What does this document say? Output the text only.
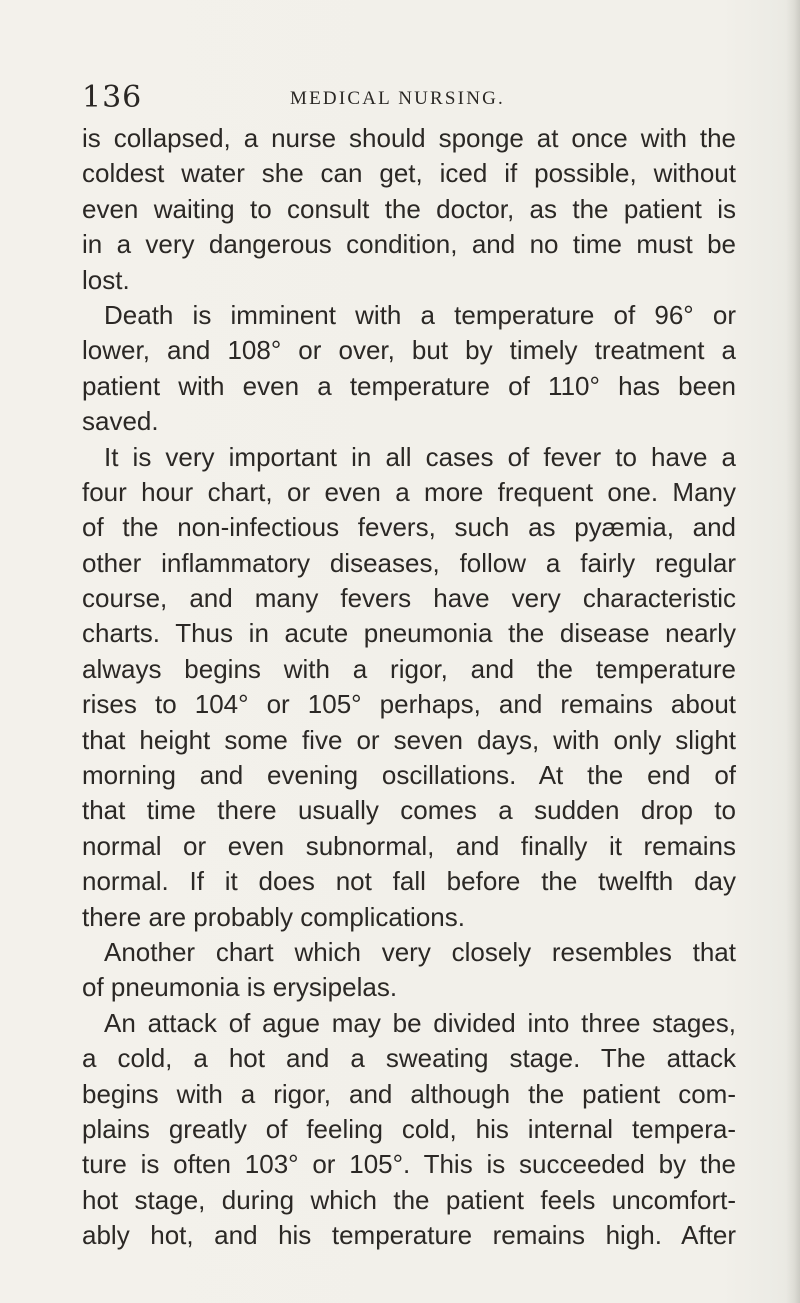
136	MEDICAL NURSING.
is collapsed, a nurse should sponge at once with the
coldest water she can get, iced if possible, without
even waiting to consult the doctor, as the patient is
in a very dangerous condition, and no time must be
lost.
Death is imminent with a temperature of 96° or
lower, and 108° or over, but by timely treatment a
patient with even a temperature of 110° has been
saved.
It is very important in all cases of fever to have a
four hour chart, or even a more frequent one. Many
of the non-infectious fevers, such as pyæmia, and
other inflammatory diseases, follow a fairly regular
course, and many fevers have very characteristic
charts. Thus in acute pneumonia the disease nearly
always begins with a rigor, and the temperature
rises to 104° or 105° perhaps, and remains about
that height some five or seven days, with only slight
morning and evening oscillations. At the end of
that time there usually comes a sudden drop to
normal or even subnormal, and finally it remains
normal. If it does not fall before the twelfth day
there are probably complications.
Another chart which very closely resembles that
of pneumonia is erysipelas.
An attack of ague may be divided into three stages,
a cold, a hot and a sweating stage. The attack
begins with a rigor, and although the patient com-
plains greatly of feeling cold, his internal tempera-
ture is often 103° or 105°. This is succeeded by the
hot stage, during which the patient feels uncomfort-
ably hot, and his temperature remains high. After
